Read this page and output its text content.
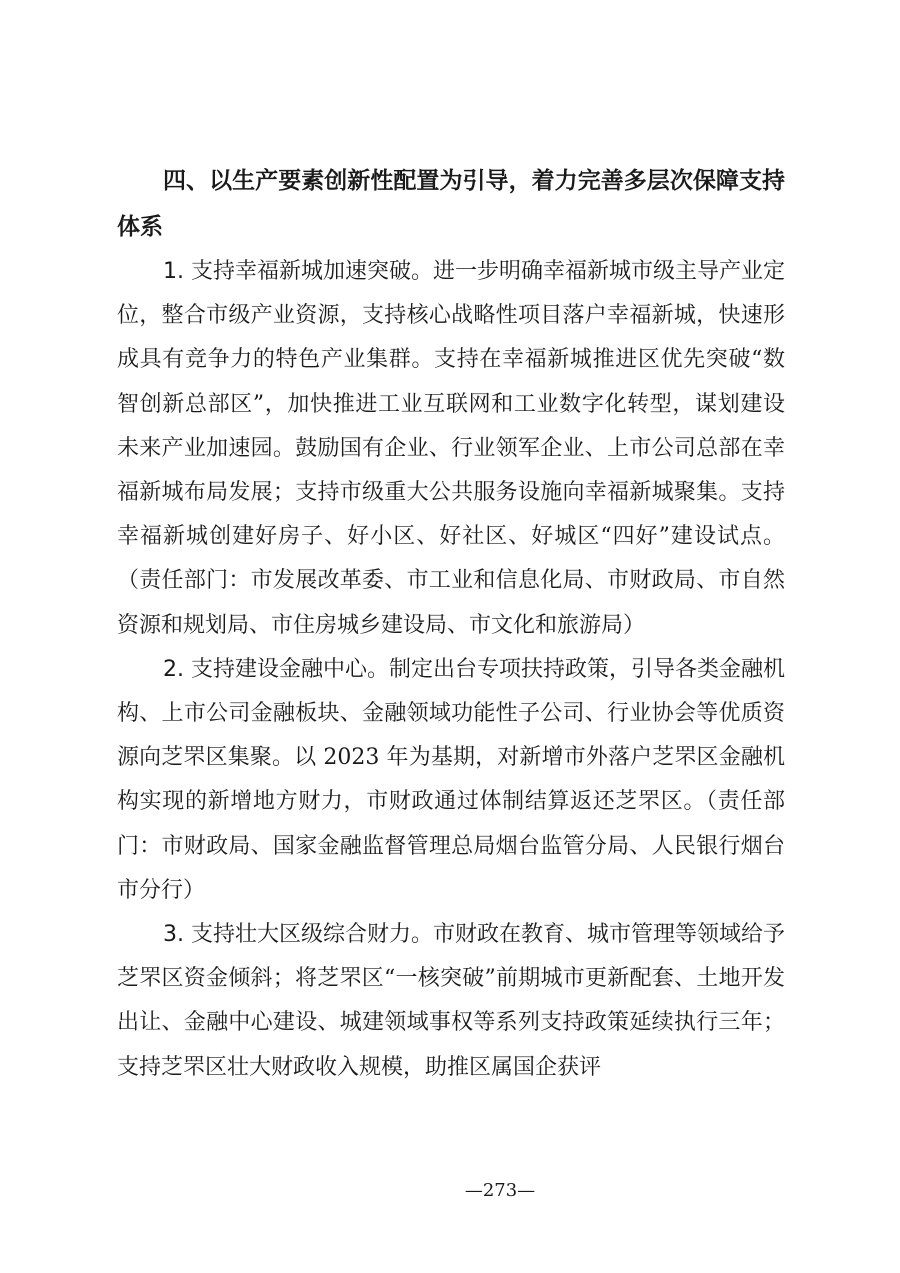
四、以生产要素创新性配置为引导，着力完善多层次保障支持体系

1. 支持幸福新城加速突破。进一步明确幸福新城市级主导产业定位，整合市级产业资源，支持核心战略性项目落户幸福新城，快速形成具有竞争力的特色产业集群。支持在幸福新城推进区优先突破“数智创新总部区”，加快推进工业互联网和工业数字化转型，谋划建设未来产业加速园。鼓励国有企业、行业领军企业、上市公司总部在幸福新城布局发展；支持市级重大公共服务设施向幸福新城聚集。支持幸福新城创建好房子、好小区、好社区、好城区“四好”建设试点。（责任部门：市发展改革委、市工业和信息化局、市财政局、市自然资源和规划局、市住房城乡建设局、市文化和旅游局）

2. 支持建设金融中心。制定出台专项扶持政策，引导各类金融机构、上市公司金融板块、金融领域功能性子公司、行业协会等优质资源向芝罘区集聚。以 2023 年为基期，对新增市外落户芝罘区金融机构实现的新增地方财力，市财政通过体制结算返还芝罘区。（责任部门：市财政局、国家金融监督管理总局烟台监管分局、人民银行烟台市分行）

3. 支持壮大区级综合财力。市财政在教育、城市管理等领域给予芝罘区资金倾斜；将芝罘区“一核突破”前期城市更新配套、土地开发出让、金融中心建设、城建领域事权等系列支持政策延续执行三年；支持芝罘区壮大财政收入规模，助推区属国企获评

—273—
